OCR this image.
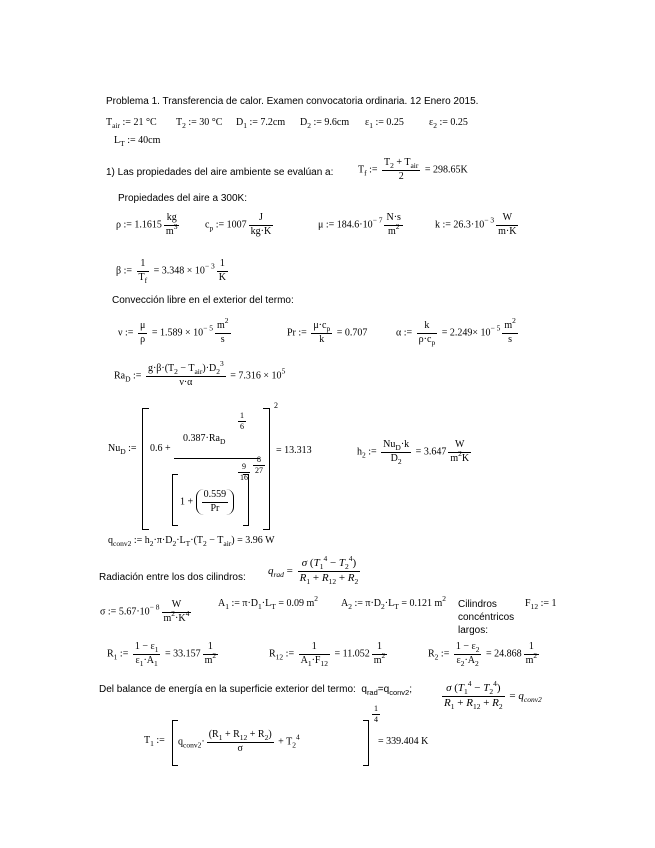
Problema 1. Transferencia de calor. Examen convocatoria ordinaria. 12 Enero 2015.
$T_{air}$ := 21 °C $T_2$ := 30 °C $D_1$ := 7.2cm $D_2$ := 9.6cm $\varepsilon_1$ := 0.25	$\varepsilon_2$ := 0.25
$L_T$ := 40cm
1) Las propiedades del aire ambiente se evalúan a: $T_f$ := $\frac{T_2 + T_{air}}{2} = 298.65K$
Propiedades del aire a 300K:
ρ := $1.1615 \frac{kg}{m^3}$	$c_p$ := $1007 \frac{J}{kg\cdot K}$	μ := $184.6\cdot 10^{- 7} \frac{N\cdot s}{m^2}$	k := $26.3\cdot 10^{- 3} \frac{W}{m\cdot K}$
β := $\frac{1}{T_f} = 3.348 \times 10^{- 3} \frac{1}{K}$
Convección libre en el exterior del termo:
ν := $\frac{\mu}{\rho} = 1.589 \times 10^{- 5} \frac{m^2}{s}$	Pr := $\frac{\mu\cdot c_p}{k} = 0.707$	α := $\frac{k}{\rho\cdot c_p} = 2.249\times 10^{- 5} \frac{m^2}{s}$
$Ra_D$ := $\frac{g\cdot\beta\cdot(T_2 - T_{air})\cdot D_2^3}{\nu\cdot\alpha} = 7.316 \times 10^5$
$Nu_D$ :=
2
0.6 +
$\frac{1}{6}$
$0.387\cdot Ra_D$
$1 + \frac{0.559}{Pr}$
$\frac{9}{16} \frac{8}{27}$
= 13.313	$h_2$ := $\frac{Nu_D\cdot k}{D_2} = 3.647 \frac{W}{m^2K}$
$q_{conv2}$ := $h_2\cdot\pi\cdot D_2\cdot L_T\cdot(T_2 - T_{air}) = 3.96$ W
Radiación entre los dos cilindros:
$q_{rad} = \frac{\sigma (T_1^4 - T_2^4)}{R_1 + R_{12} + R_2}$
σ := $5.67\cdot 10^{- 8} \frac{W}{m^2\cdot K^4}$	$A_1$ := $\pi\cdot D_1\cdot L_T = 0.09$ $m^2$ $A_2$ := $\pi\cdot D_2\cdot L_T = 0.121$ $m^2$
Cilindros
concéntricos
largos:
$F_{12}$ := 1
$R_1$ := $\frac{1 - \varepsilon_1}{\varepsilon_1\cdot A_1} = 33.157 \frac{1}{m^2}$	$R_{12}$ := $\frac{1}{A_1\cdot F_{12}} = 11.052 \frac{1}{m^2}$	$R_2$ := $\frac{1 - \varepsilon_2}{\varepsilon_2\cdot A_2} = 24.868 \frac{1}{m^2}$
Del balance de energía en la superficie exterior del termo:  $q_{rad}=q_{conv2}$;	$\frac{\sigma (T_1^4 - T_2^4)}{R_1 + R_{12} + R_2} = q_{conv2}$
$T_1$ := $q_{conv2}\cdot \frac{(R_1 + R_{12} + R_2)}{\sigma} + T_2^4$
$\frac{1}{4}$
= 339.404 K
